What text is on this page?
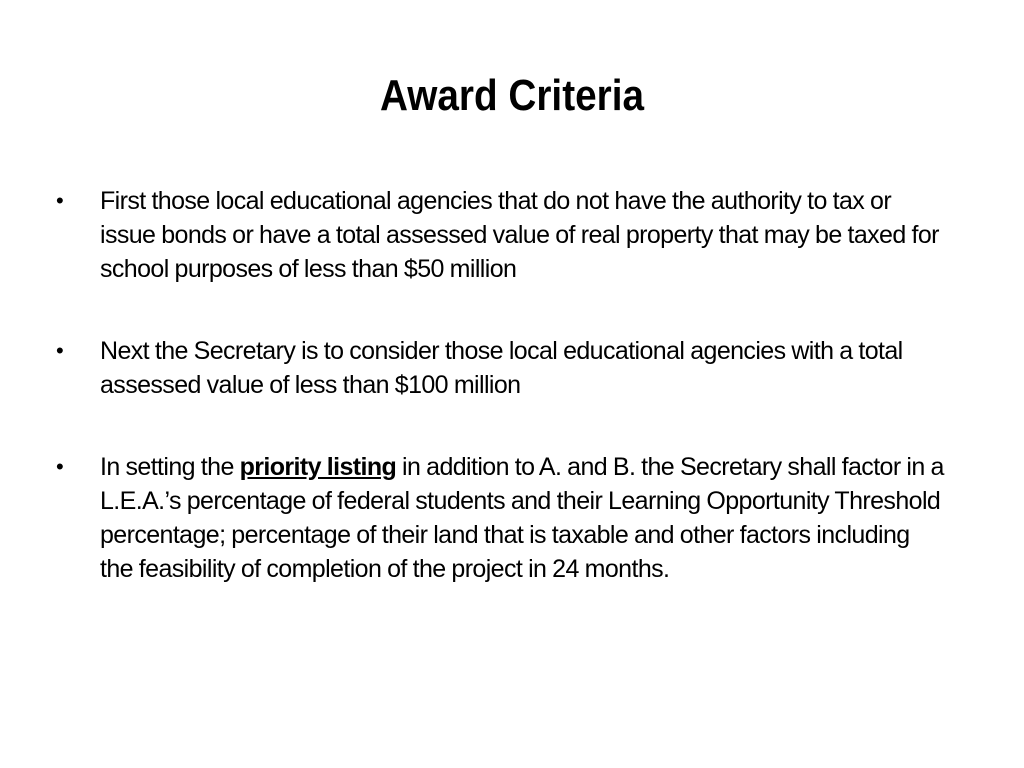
Award Criteria
•	First those local educational agencies that do not have the authority to tax or issue bonds or have a total assessed value of real property that may be taxed for school purposes of less than $50 million
•	Next the Secretary is to consider those local educational agencies with a total assessed value of less than $100 million
•	In setting the priority listing in addition to A. and B. the Secretary shall factor in a L.E.A.’s percentage of federal students and their Learning Opportunity Threshold percentage; percentage of their land that is taxable and other factors including the feasibility of completion of the project in 24 months.
